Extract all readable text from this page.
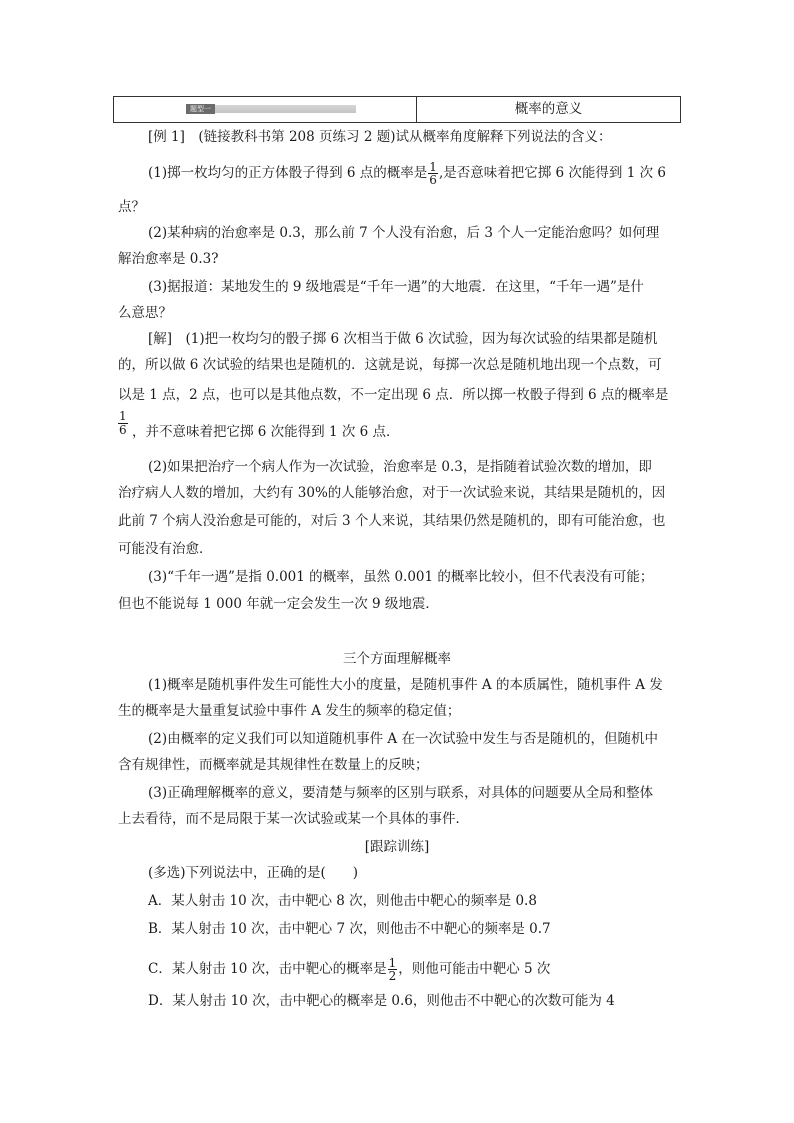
题型一	概率的意义
[例 1]　(链接教科书第 208 页练习 2 题)试从概率角度解释下列说法的含义：
(1)掷一枚均匀的正方体骰子得到 6 点的概率是 $\frac{1}{6}$ ,是否意味着把它掷 6 次能得到 1 次 6
点？
(2)某种病的治愈率是 0.3，那么前 7 个人没有治愈，后 3 个人一定能治愈吗？如何理
解治愈率是 0.3?
(3)据报道：某地发生的 9 级地震是“千年一遇”的大地震．在这里，“千年一遇”是什
么意思？
[解]　(1)把一枚均匀的骰子掷 6 次相当于做 6 次试验，因为每次试验的结果都是随机
的，所以做 6 次试验的结果也是随机的．这就是说，每掷一次总是随机地出现一个点数，可
以是 1 点，2 点，也可以是其他点数，不一定出现 6 点．所以掷一枚骰子得到 6 点的概率是
$\frac{1}{6}$ ，并不意味着把它掷 6 次能得到 1 次 6 点．
(2)如果把治疗一个病人作为一次试验，治愈率是 0.3，是指随着试验次数的增加，即
治疗病人人数的增加，大约有 30%的人能够治愈，对于一次试验来说，其结果是随机的，因
此前 7 个病人没治愈是可能的，对后 3 个人来说，其结果仍然是随机的，即有可能治愈，也
可能没有治愈．
(3)“千年一遇”是指 0.001 的概率，虽然 0.001 的概率比较小，但不代表没有可能；
但也不能说每 1 000 年就一定会发生一次 9 级地震．
三个方面理解概率
(1)概率是随机事件发生可能性大小的度量，是随机事件 A 的本质属性，随机事件 A 发
生的概率是大量重复试验中事件 A 发生的频率的稳定值；
(2)由概率的定义我们可以知道随机事件 A 在一次试验中发生与否是随机的，但随机中
含有规律性，而概率就是其规律性在数量上的反映；
(3)正确理解概率的意义，要清楚与频率的区别与联系，对具体的问题要从全局和整体
上去看待，而不是局限于某一次试验或某一个具体的事件．
[跟踪训练]
(多选)下列说法中，正确的是(　　)
A．某人射击 10 次，击中靶心 8 次，则他击中靶心的频率是 0.8
B．某人射击 10 次，击中靶心 7 次，则他击不中靶心的频率是 0.7
C．某人射击 10 次，击中靶心的概率是 $\frac{1}{2}$ ，则他可能击中靶心 5 次
D．某人射击 10 次，击中靶心的概率是 0.6，则他击不中靶心的次数可能为 4
